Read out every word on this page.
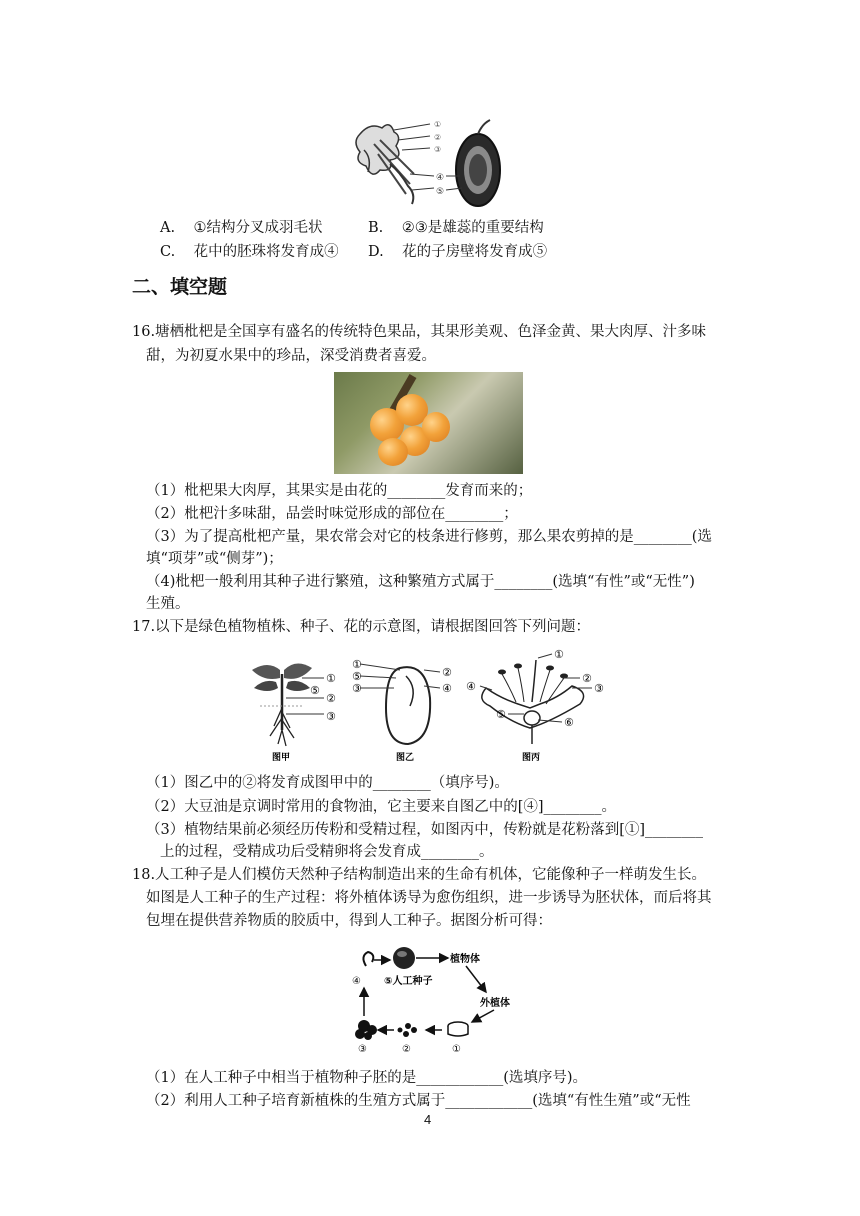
①
②
③
④
⑤
A. ①结构分叉成羽毛状	B. ②③是雄蕊的重要结构
C. 花中的胚珠将发育成④ D. 花的子房壁将发育成⑤
二、填空题
16.塘栖枇杷是全国享有盛名的传统特色果品，其果形美观、色泽金黄、果大肉厚、汁多味
甜，为初夏水果中的珍品，深受消费者喜爱。
（1）枇杷果大肉厚，其果实是由花的________发育而来的；
（2）枇杷汁多味甜，品尝时味觉形成的部位在________；
（3）为了提高枇杷产量，果农常会对它的枝条进行修剪，那么果农剪掉的是________(选
填“项芽”或“侧芽”)；
（4)枇杷一般利用其种子进行繁殖，这种繁殖方式属于________(选填“有性”或“无性”)
生殖。
17.以下是绿色植物植株、种子、花的示意图，请根据图回答下列问题：
①
⑤
②
③
图甲
①
⑤
③
②
④
图乙
①
②
③
④
⑤
⑥
图丙
（1）图乙中的②将发育成图甲中的________（填序号)。
（2）大豆油是京调时常用的食物油，它主要来自图乙中的[④]________。
（3）植物结果前必须经历传粉和受精过程，如图丙中，传粉就是花粉落到[①]________
上的过程，受精成功后受精卵将会发育成________。
18.人工种子是人们模仿天然种子结构制造出来的生命有机体，它能像种子一样萌发生长。
如图是人工种子的生产过程：将外植体诱导为愈伤组织，进一步诱导为胚状体，而后将其
包埋在提供营养物质的胶质中，得到人工种子。据图分析可得：
⑤人工种子
④
植物体
外植体
①
②
③
（1）在人工种子中相当于植物种子胚的是____________(选填序号)。
（2）利用人工种子培育新植株的生殖方式属于____________(选填“有性生殖”或“无性
4
